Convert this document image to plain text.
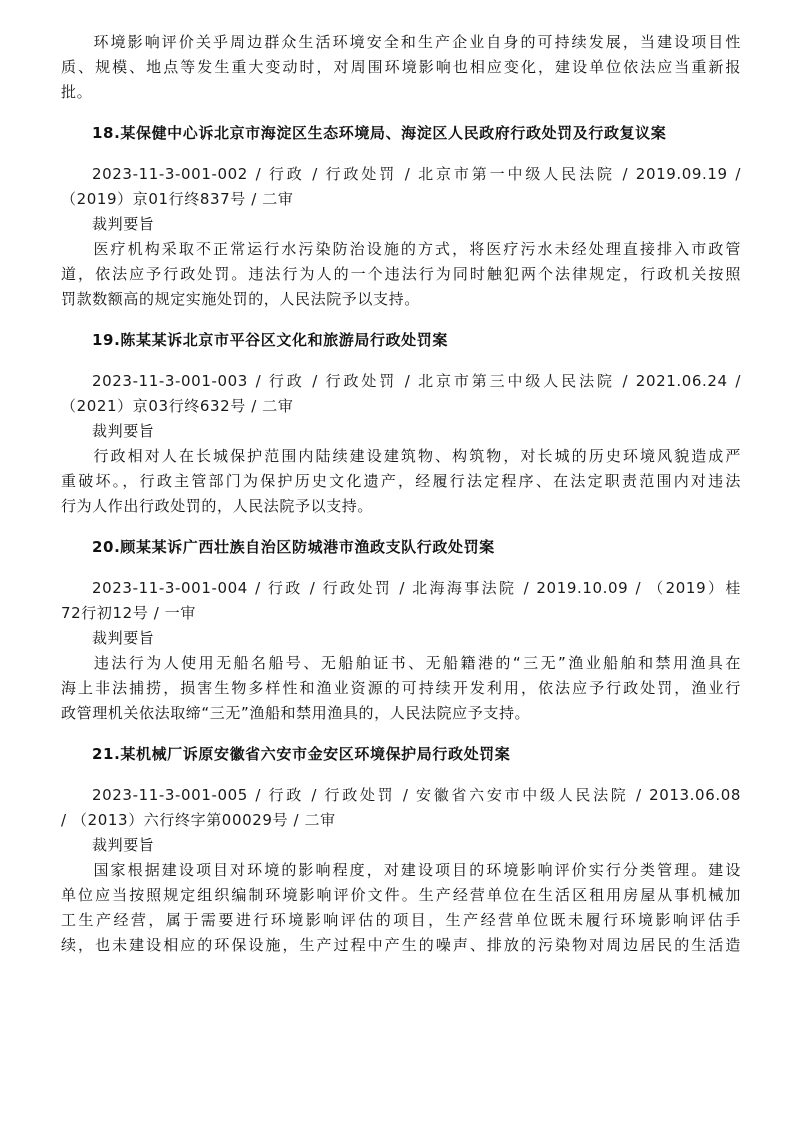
环境影响评价关乎周边群众生活环境安全和生产企业自身的可持续发展，当建设项目性
质、规模、地点等发生重大变动时，对周围环境影响也相应变化，建设单位依法应当重新报
批。
18.某保健中心诉北京市海淀区生态环境局、海淀区人民政府行政处罚及行政复议案
2023-11-3-001-002 / 行政 / 行政处罚 / 北京市第一中级人民法院 / 2019.09.19 /
（2019）京01行终837号 / 二审
裁判要旨
医疗机构采取不正常运行水污染防治设施的方式，将医疗污水未经处理直接排入市政管
道，依法应予行政处罚。违法行为人的一个违法行为同时触犯两个法律规定，行政机关按照
罚款数额高的规定实施处罚的，人民法院予以支持。
19.陈某某诉北京市平谷区文化和旅游局行政处罚案
2023-11-3-001-003 / 行政 / 行政处罚 / 北京市第三中级人民法院 / 2021.06.24 /
（2021）京03行终632号 / 二审
裁判要旨
行政相对人在长城保护范围内陆续建设建筑物、构筑物，对长城的历史环境风貌造成严
重破坏。，行政主管部门为保护历史文化遗产，经履行法定程序、在法定职责范围内对违法
行为人作出行政处罚的，人民法院予以支持。
20.顾某某诉广西壮族自治区防城港市渔政支队行政处罚案
2023-11-3-001-004 / 行政 / 行政处罚 / 北海海事法院 / 2019.10.09 / （2019）桂
72行初12号 / 一审
裁判要旨
违法行为人使用无船名船号、无船舶证书、无船籍港的“三无”渔业船舶和禁用渔具在
海上非法捕捞，损害生物多样性和渔业资源的可持续开发利用，依法应予行政处罚，渔业行
政管理机关依法取缔“三无”渔船和禁用渔具的，人民法院应予支持。
21.某机械厂诉原安徽省六安市金安区环境保护局行政处罚案
2023-11-3-001-005 / 行政 / 行政处罚 / 安徽省六安市中级人民法院 / 2013.06.08
/ （2013）六行终字第00029号 / 二审
裁判要旨
国家根据建设项目对环境的影响程度，对建设项目的环境影响评价实行分类管理。建设
单位应当按照规定组织编制环境影响评价文件。生产经营单位在生活区租用房屋从事机械加
工生产经营，属于需要进行环境影响评估的项目，生产经营单位既未履行环境影响评估手
续，也未建设相应的环保设施，生产过程中产生的噪声、排放的污染物对周边居民的生活造
